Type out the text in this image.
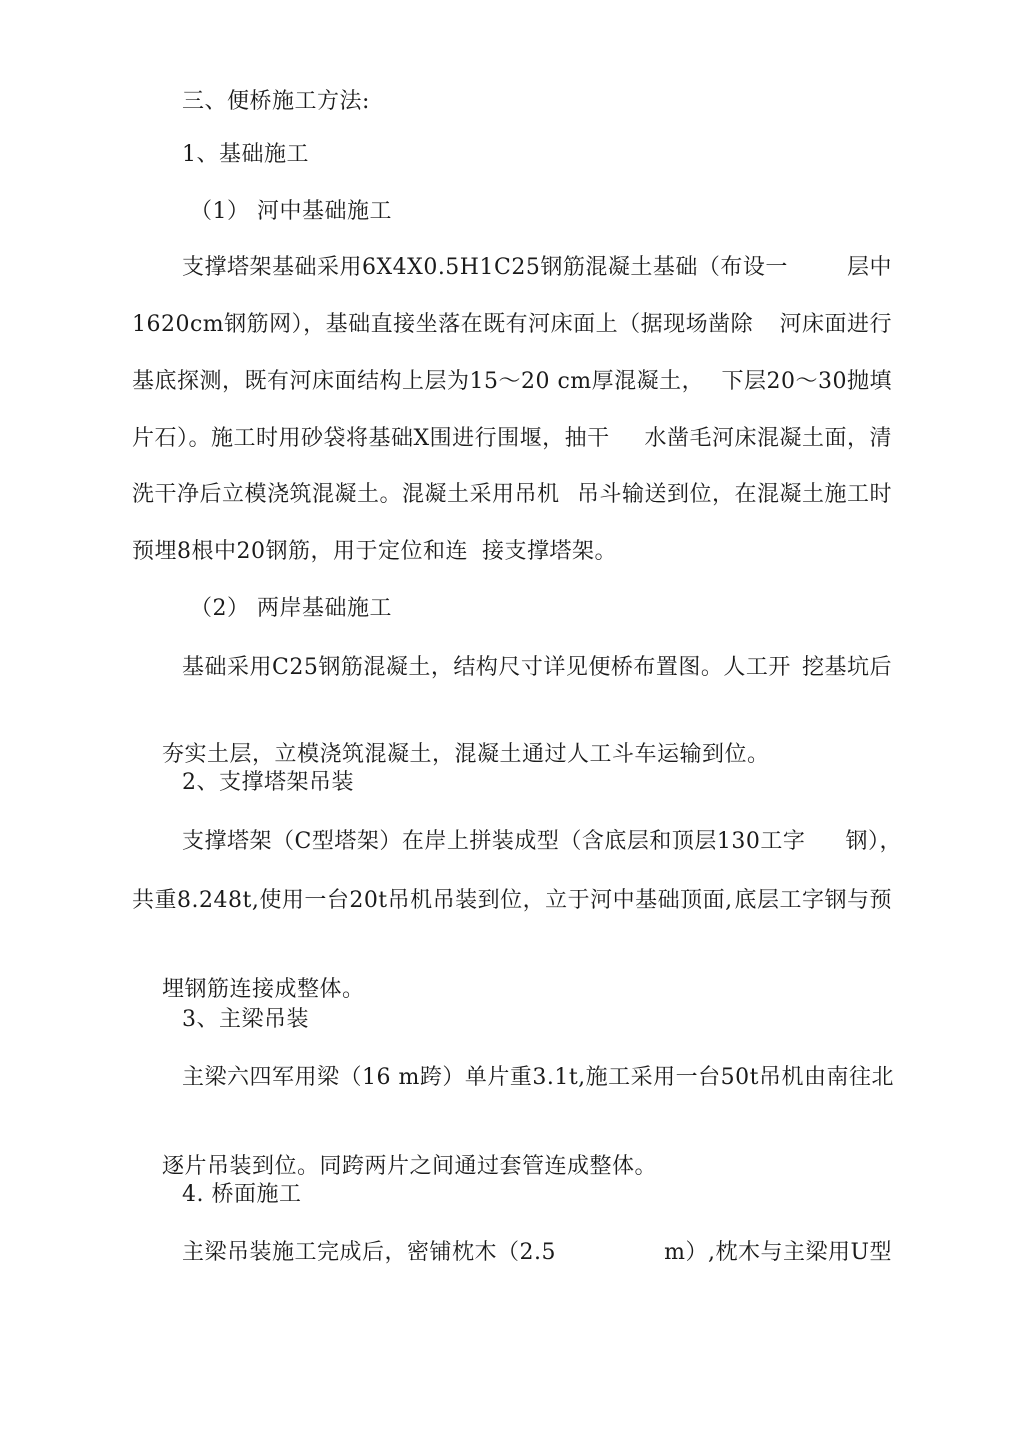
三、便桥施工方法:
1、基础施工
（1） 河中基础施工
支撑塔架基础采用6X4X0.5H1C25钢筋混凝土基础（布设一	层中
1620cm钢筋网），基础直接坐落在既有河床面上（据现场凿除 河床面进行
基底探测，既有河床面结构上层为15〜20 cm厚混凝土， 下层20〜30抛填
片石）。施工时用砂袋将基础X围进行围堰，抽干 水凿毛河床混凝土面，清
洗干净后立模浇筑混凝土。混凝土采用吊机 吊斗输送到位，在混凝土施工时
预埋8根中20钢筋，用于定位和连 接支撑塔架。
（2） 两岸基础施工
基础采用C25钢筋混凝土，结构尺寸详见便桥布置图。人工开 挖基坑后

夯实土层，立模浇筑混凝土，混凝土通过人工斗车运输到位。

2、支撑塔架吊装
支撑塔架（C型塔架）在岸上拼装成型（含底层和顶层130工字 钢），
共重8.248t,使用一台20t吊机吊装到位，立于河中基础顶面, 底层工字钢与预

埋钢筋连接成整体。

3、主梁吊装
主梁六四军用梁（16 m跨）单片重3.1t,施工采用一台50t 吊机由南往北

逐片吊装到位。同跨两片之间通过套管连成整体。

4. 桥面施工
主梁吊装施工完成后，密铺枕木（2.5	m）,枕木与主梁用U型
